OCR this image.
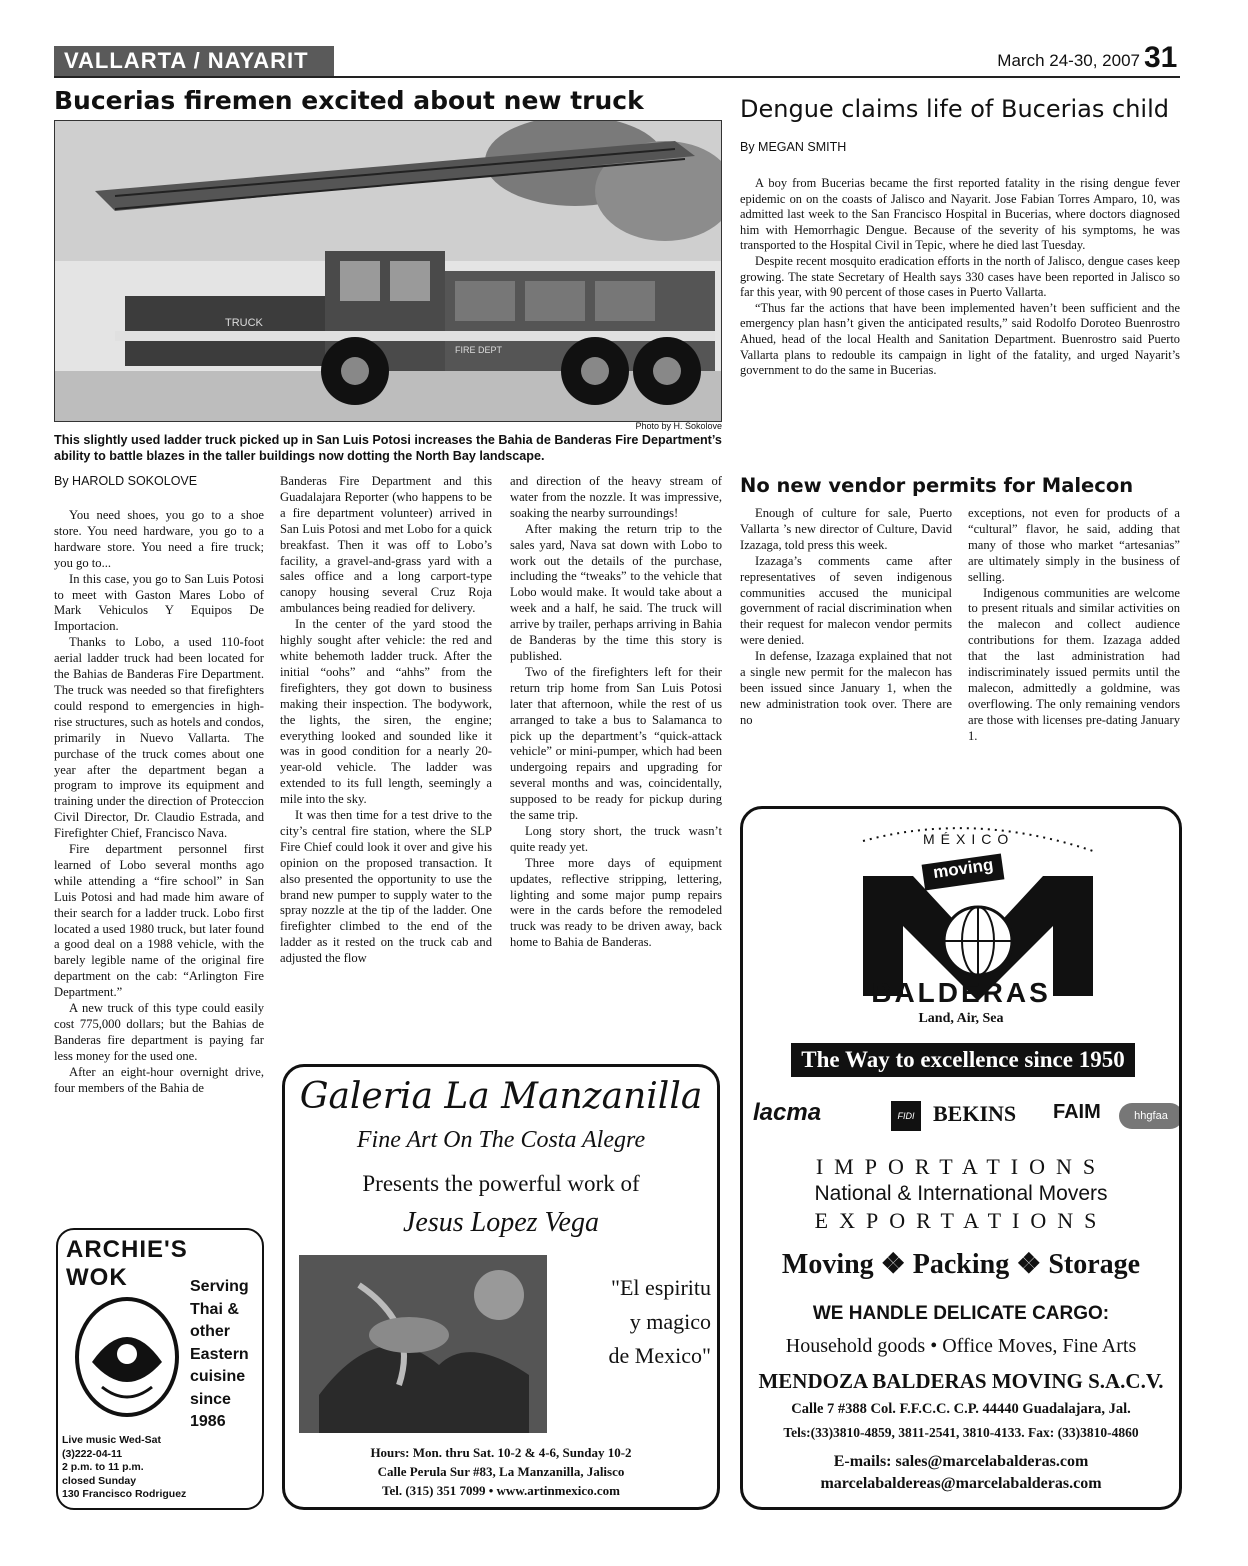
VALLARTA / NAYARIT	March 24-30, 2007 31
Bucerias firemen excited about new truck
TRUCK
FIRE DEPT
Photo by H. Sokolove
This slightly used ladder truck picked up in San Luis Potosi increases the Bahia de Banderas Fire Department’s ability to battle blazes in the taller buildings now dotting the North Bay landscape.
By HAROLD SOKOLOVE

You need shoes, you go to a shoe store. You need hardware, you go to a hardware store. You need a fire truck; you go to...

In this case, you go to San Luis Potosi to meet with Gaston Mares Lobo of Mark Vehiculos Y Equipos De Importacion.

Thanks to Lobo, a used 110-foot aerial ladder truck had been located for the Bahias de Banderas Fire Department. The truck was needed so that firefighters could respond to emergencies in high-rise structures, such as hotels and condos, primarily in Nuevo Vallarta. The purchase of the truck comes about one year after the department began a program to improve its equipment and training under the direction of Proteccion Civil Director, Dr. Claudio Estrada, and Firefighter Chief, Francisco Nava.

Fire department personnel first learned of Lobo several months ago while attending a “fire school” in San Luis Potosi and had made him aware of their search for a ladder truck. Lobo first located a used 1980 truck, but later found a good deal on a 1988 vehicle, with the barely legible name of the original fire department on the cab: “Arlington Fire Department.”

A new truck of this type could easily cost 775,000 dollars; but the Bahias de Banderas fire department is paying far less money for the used one.

After an eight-hour overnight drive, four members of the Bahia de

Banderas Fire Department and this Guadalajara Reporter (who happens to be a fire department volunteer) arrived in San Luis Potosi and met Lobo for a quick breakfast. Then it was off to Lobo’s facility, a gravel-and-grass yard with a sales office and a long carport-type canopy housing several Cruz Roja ambulances being readied for delivery.

In the center of the yard stood the highly sought after vehicle: the red and white behemoth ladder truck. After the initial “oohs” and “ahhs” from the firefighters, they got down to business making their inspection. The bodywork, the lights, the siren, the engine; everything looked and sounded like it was in good condition for a nearly 20-year-old vehicle. The ladder was extended to its full length, seemingly a mile into the sky.

It was then time for a test drive to the city’s central fire station, where the SLP Fire Chief could look it over and give his opinion on the proposed transaction. It also presented the opportunity to use the brand new pumper to supply water to the spray nozzle at the tip of the ladder. One firefighter climbed to the end of the ladder as it rested on the truck cab and adjusted the flow

and direction of the heavy stream of water from the nozzle. It was impressive, soaking the nearby surroundings!

After making the return trip to the sales yard, Nava sat down with Lobo to work out the details of the purchase, including the “tweaks” to the vehicle that Lobo would make. It would take about a week and a half, he said. The truck will arrive by trailer, perhaps arriving in Bahia de Banderas by the time this story is published.

Two of the firefighters left for their return trip home from San Luis Potosi later that afternoon, while the rest of us arranged to take a bus to Salamanca to pick up the department’s “quick-attack vehicle” or mini-pumper, which had been undergoing repairs and upgrading for several months and was, coincidentally, supposed to be ready for pickup during the same trip.

Long story short, the truck wasn’t quite ready yet.

Three more days of equipment updates, reflective stripping, lettering, lighting and some major pump repairs were in the cards before the remodeled truck was ready to be driven away, back home to Bahia de Banderas.

Dengue claims life of Bucerias child
By MEGAN SMITH

A boy from Bucerias became the first reported fatality in the rising dengue fever epidemic on on the coasts of Jalisco and Nayarit. Jose Fabian Torres Amparo, 10, was admitted last week to the San Francisco Hospital in Bucerias, where doctors diagnosed him with Hemorrhagic Dengue. Because of the severity of his symptoms, he was transported to the Hospital Civil in Tepic, where he died last Tuesday.

Despite recent mosquito eradication efforts in the north of Jalisco, dengue cases keep growing. The state Secretary of Health says 330 cases have been reported in Jalisco so far this year, with 90 percent of those cases in Puerto Vallarta.

“Thus far the actions that have been implemented haven’t been sufficient and the emergency plan hasn’t given the anticipated results,” said Rodolfo Doroteo Buenrostro Ahued, head of the local Health and Sanitation Department. Buenrostro said Puerto Vallarta plans to redouble its campaign in light of the fatality, and urged Nayarit’s government to do the same in Bucerias.

No new vendor permits for Malecon

Enough of culture for sale, Puerto Vallarta ’s new director of Culture, David Izazaga, told press this week.

Izazaga’s comments came after representatives of seven indigenous communities accused the municipal government of racial discrimination when their request for malecon vendor permits were denied.

In defense, Izazaga explained that not a single new permit for the malecon has been issued since January 1, when the new administration took over. There are no

exceptions, not even for products of a “cultural” flavor, he said, adding that many of those who market “artesanias” are ultimately simply in the business of selling.

Indigenous communities are welcome to present rituals and similar activities on the malecon and collect audience contributions for them. Izazaga added that the last administration had indiscriminately issued permits until the malecon, admittedly a goldmine, was overflowing. The only remaining vendors are those with licenses pre-dating January 1.

ARCHIE'S
WOK	Serving
Thai &
other
Eastern
cuisine
since
1986
Live music Wed-Sat
(3)222-04-11
2 p.m. to 11 p.m.
closed Sunday
130 Francisco Rodriguez
Galeria La Manzanilla
Fine Art On The Costa Alegre
Presents the powerful work of
Jesus Lopez Vega
"El espiritu
y magico
de Mexico"
Hours: Mon. thru Sat. 10-2 & 4-6, Sunday 10-2
Calle Perula Sur #83, La Manzanilla, Jalisco
Tel. (315) 351 7099 • www.artinmexico.com
MÉXICO
moving
BALDERAS
Land, Air, Sea
The Way to excellence since 1950
lacma	FIDI BEKINS FAIM	hhgfaa
IMPORTATIONS
National & International Movers
EXPORTATIONS
Moving ❖ Packing ❖ Storage
WE HANDLE DELICATE CARGO:
Household goods • Office Moves, Fine Arts
MENDOZA BALDERAS MOVING S.A.C.V.
Calle 7 #388 Col. F.F.C.C. C.P. 44440 Guadalajara, Jal.
Tels:(33)3810-4859, 3811-2541, 3810-4133. Fax: (33)3810-4860
E-mails: sales@marcelabalderas.com
marcelabaldereas@marcelabalderas.com
